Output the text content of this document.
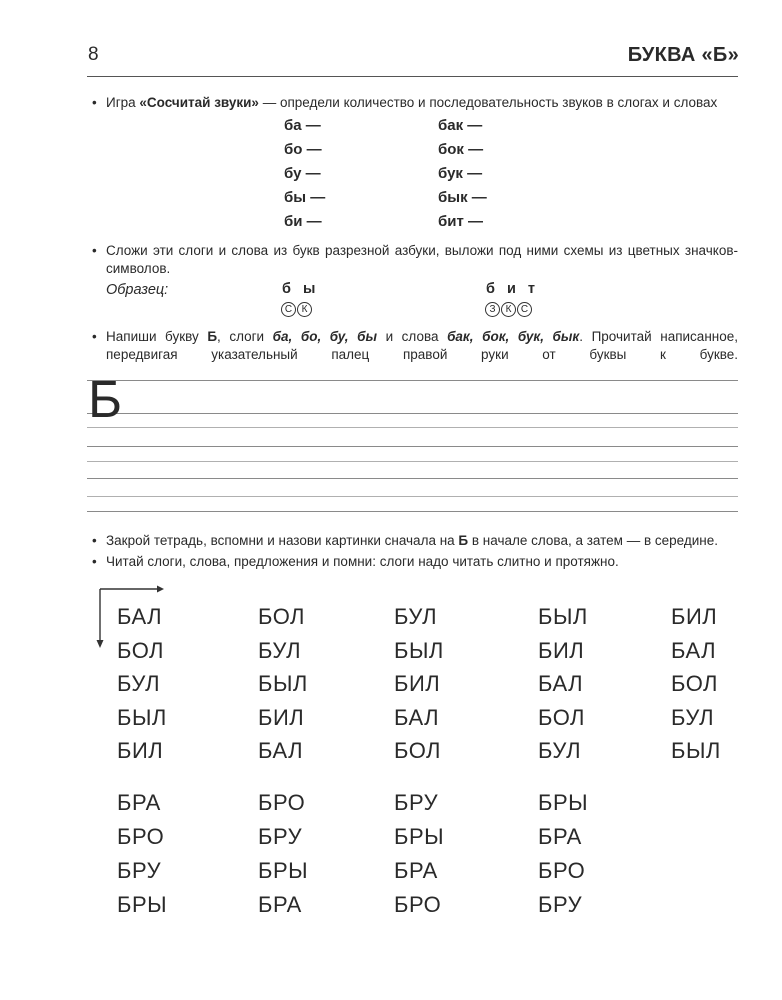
8	БУКВА «Б»
• Игра «Сосчитай звуки» — определи количество и последовательность звуков в слогах и словах
ба —
бо —
бу —
бы —
би —
бак —
бок —
бук —
бык —
бит —
• Сложи эти слоги и слова из букв разрезной азбуки, выложи под ними схемы из цветных значков-символов.
Образец:	б ы
С К
б и т
З К С
• Напиши букву Б, слоги ба, бо, бу, бы и слова бак, бок, бук, бык. Прочитай написанное, передвигая указательный палец правой руки от буквы к букве.
Б
• Закрой тетрадь, вспомни и назови картинки сначала на Б в начале слова, а затем — в середине.
• Читай слоги, слова, предложения и помни: слоги надо читать слитно и протяжно.
БАЛ	БОЛ	БУЛ	БЫЛ	БИЛ
БОЛ	БУЛ	БЫЛ	БИЛ	БАЛ
БУЛ	БЫЛ	БИЛ	БАЛ	БОЛ
БЫЛ	БИЛ	БАЛ	БОЛ	БУЛ
БИЛ	БАЛ	БОЛ	БУЛ	БЫЛ
БРА	БРО	БРУ	БРЫ
БРО	БРУ	БРЫ	БРА
БРУ	БРЫ	БРА	БРО
БРЫ	БРА	БРО	БРУ
